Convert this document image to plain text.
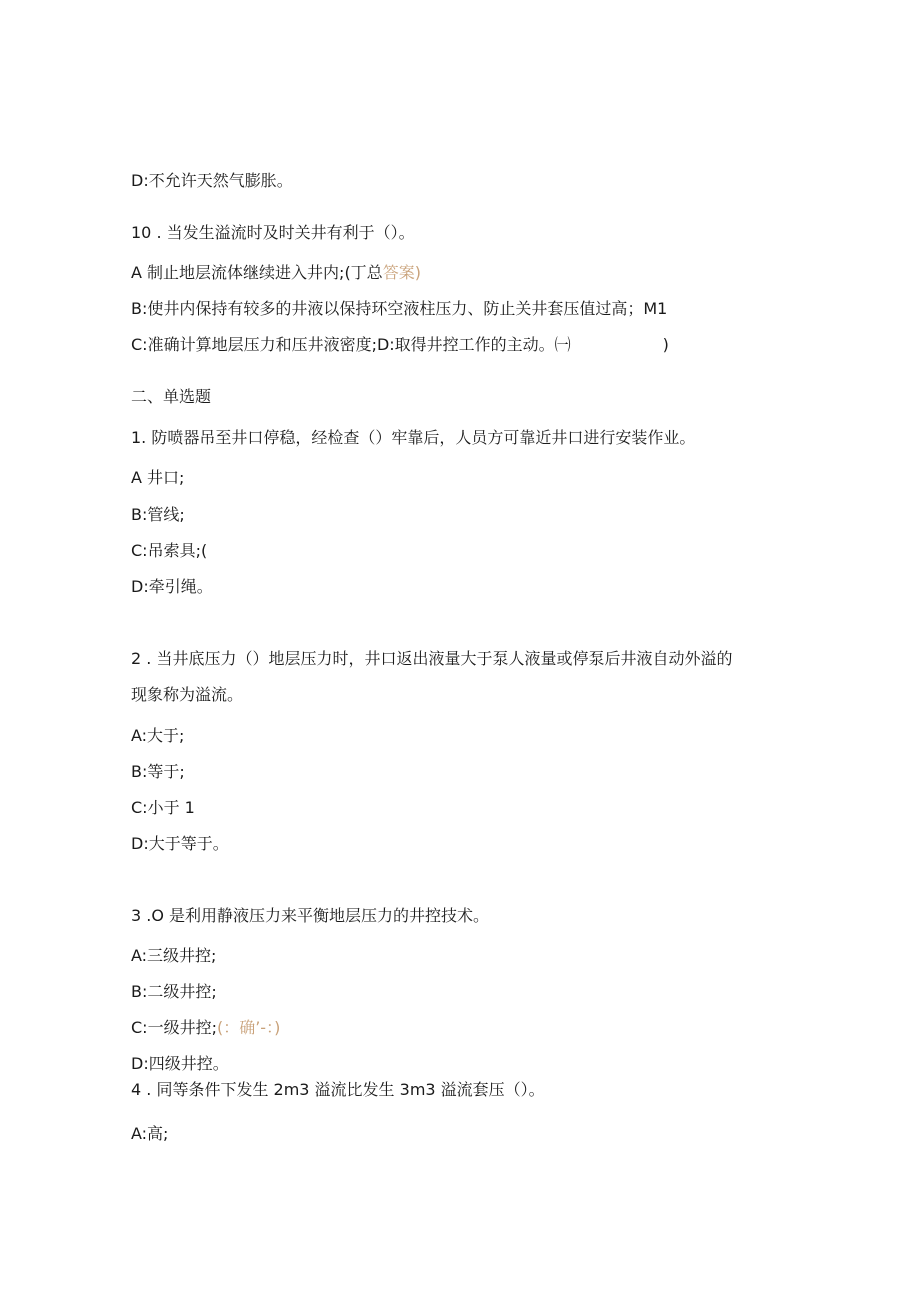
D:不允许天然气膨胀。
10 . 当发生溢流时及时关井有利于（）。
A 制止地层流体继续进入井内;(丁总答案)
B:使井内保持有较多的井液以保持环空液柱压力、防止关井套压值过高；M1
C:准确计算地层压力和压井液密度;D:取得井控工作的主动。㈠	)
二、单选题
1. 防喷器吊至井口停稳，经检查（）牢靠后，人员方可靠近井口进行安装作业。
A 井口;
B:管线;
C:吊索具;(
D:牵引绳。
2 . 当井底压力（）地层压力时，井口返出液量大于泵人液量或停泵后井液自动外溢的
现象称为溢流。
A:大于;
B:等于;
C:小于 1
D:大于等于。
3 .O 是利用静液压力来平衡地层压力的井控技术。
A:三级井控;
B:二级井控;
C:一级井控;(：确’-：)
D:四级井控。
4 . 同等条件下发生 2m3 溢流比发生 3m3 溢流套压（）。
A:高;
